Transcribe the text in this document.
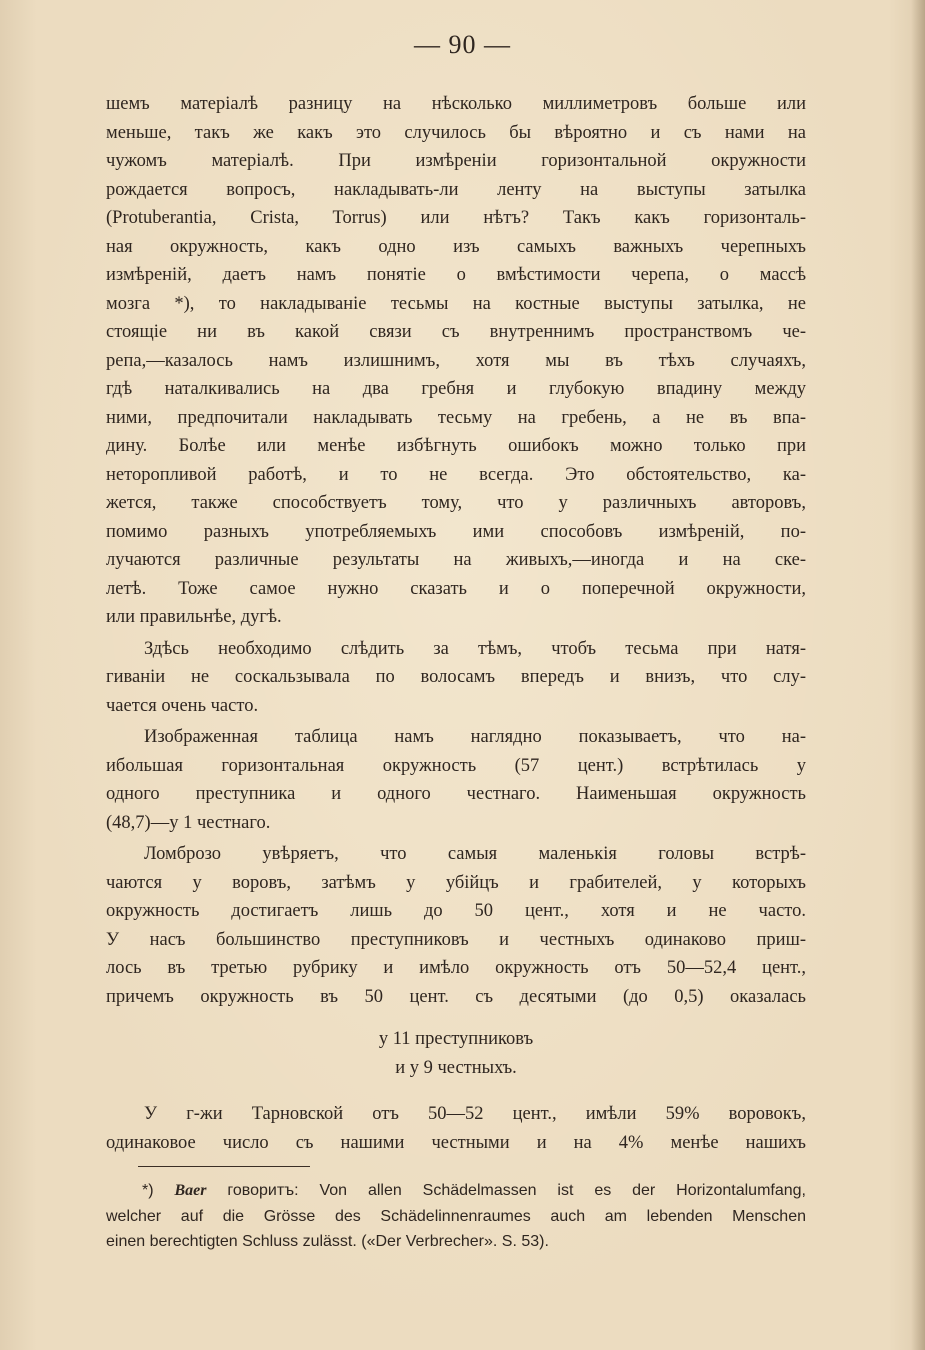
— 90 —
шемъ матеріалѣ разницу на нѣсколько миллиметровъ больше или
меньше, такъ же какъ это случилось бы вѣроятно и съ нами на
чужомъ матеріалѣ. При измѣреніи горизонтальной окружности
рождается вопросъ, накладывать-ли ленту на выступы затылка
(Protuberantia, Crista, Torrus) или нѣтъ? Такъ какъ горизонталь-
ная окружность, какъ одно изъ самыхъ важныхъ черепныхъ
измѣреній, даетъ намъ понятіе о вмѣстимости черепа, о массѣ
мозга *), то накладываніе тесьмы на костные выступы затылка, не
стоящіе ни въ какой связи съ внутреннимъ пространствомъ че-
репа,—казалось намъ излишнимъ, хотя мы въ тѣхъ случаяхъ,
гдѣ наталкивались на два гребня и глубокую впадину между
ними, предпочитали накладывать тесьму на гребень, а не въ впа-
дину. Болѣе или менѣе избѣгнуть ошибокъ можно только при
неторопливой работѣ, и то не всегда. Это обстоятельство, ка-
жется, также способствуетъ тому, что у различныхъ авторовъ,
помимо разныхъ употребляемыхъ ими способовъ измѣреній, по-
лучаются различные результаты на живыхъ,—иногда и на ске-
летѣ. Тоже самое нужно сказать и о поперечной окружности,
или правильнѣе, дугѣ.
Здѣсь необходимо слѣдить за тѣмъ, чтобъ тесьма при натя-
гиваніи не соскальзывала по волосамъ впередъ и внизъ, что слу-
чается очень часто.
Изображенная таблица намъ наглядно показываетъ, что на-
ибольшая горизонтальная окружность (57 цент.) встрѣтилась у
одного преступника и одного честнаго. Наименьшая окружность
(48,7)—у 1 честнаго.
Ломброзо увѣряетъ, что самыя маленькія головы встрѣ-
чаются у воровъ, затѣмъ у убійцъ и грабителей, у которыхъ
окружность достигаетъ лишь до 50 цент., хотя и не часто.
У насъ большинство преступниковъ и честныхъ одинаково приш-
лось въ третью рубрику и имѣло окружность отъ 50—52,4 цент.,
причемъ окружность въ 50 цент. съ десятыми (до 0,5) оказалась
у 11 преступниковъ
и у 9 честныхъ.
У г-жи Тарновской отъ 50—52 цент., имѣли 59% воровокъ,
одинаковое число съ нашими честными и на 4% менѣе нашихъ
*) Baer говоритъ: Von allen Schädelmassen ist es der Horizontalumfang,
welcher auf die Grösse des Schädelinnenraumes auch am lebenden Menschen
einen berechtigten Schluss zulässt. («Der Verbrecher». S. 53).
